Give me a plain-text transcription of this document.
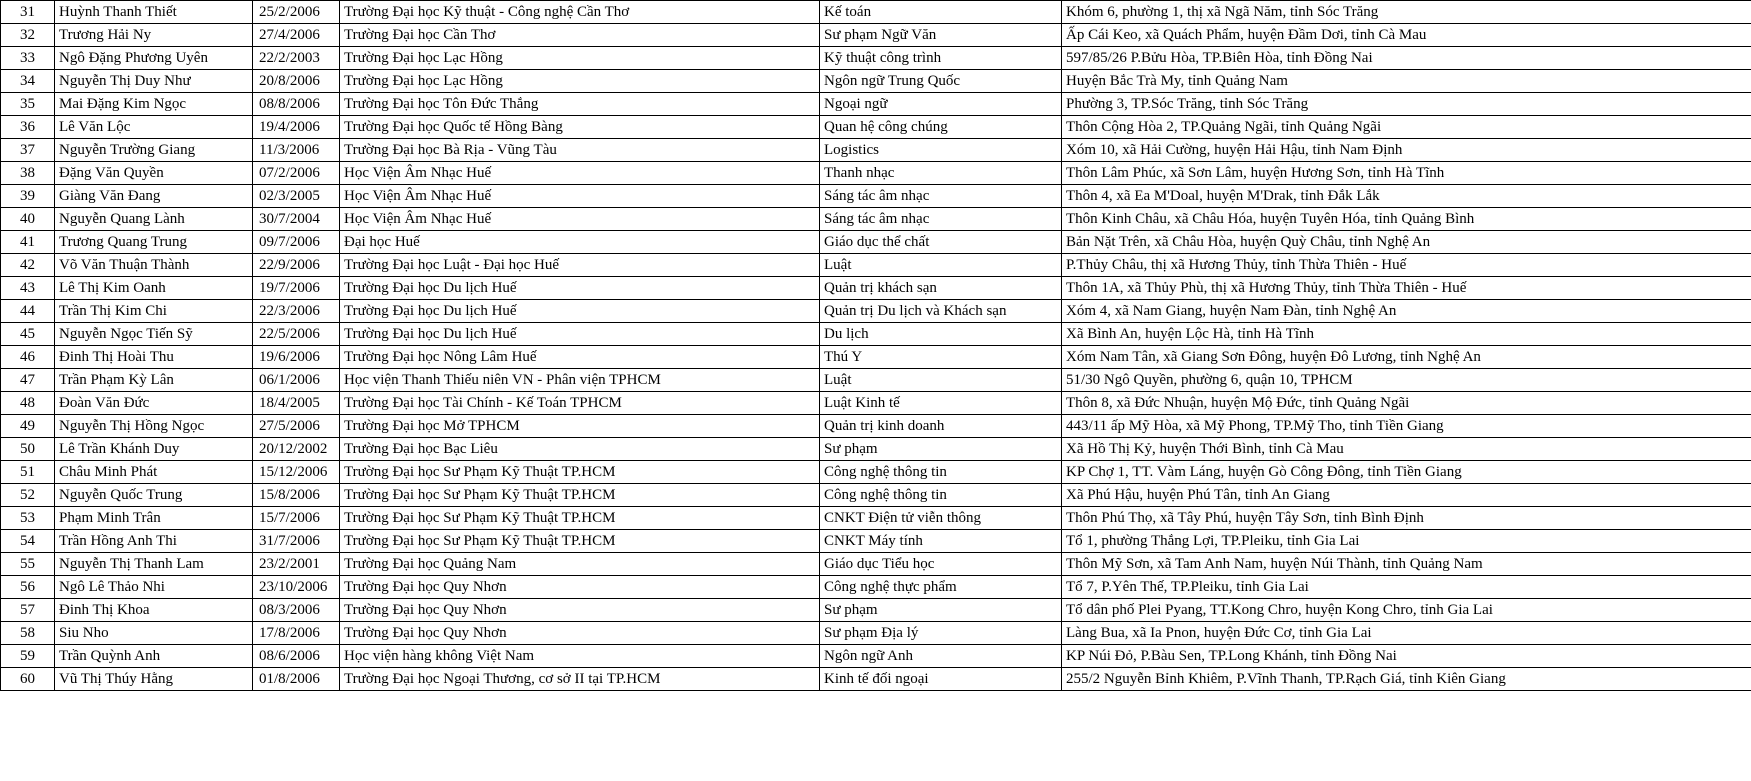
31	Huỳnh Thanh Thiết	25/2/2006	Trường Đại học Kỹ thuật - Công nghệ Cần Thơ	Kế toán	Khóm 6, phường 1, thị xã Ngã Năm, tỉnh Sóc Trăng
32	Trương Hải Ny	27/4/2006	Trường Đại học Cần Thơ	Sư phạm Ngữ Văn	Ấp Cái Keo, xã Quách Phẩm, huyện Đầm Dơi, tỉnh Cà Mau
33	Ngô Đặng Phương Uyên	22/2/2003	Trường Đại học Lạc Hồng	Kỹ thuật công trình	597/85/26 P.Bửu Hòa, TP.Biên Hòa, tỉnh Đồng Nai
34	Nguyễn Thị Duy Như	20/8/2006	Trường Đại học Lạc Hồng	Ngôn ngữ Trung Quốc	Huyện Bắc Trà My, tỉnh Quảng Nam
35	Mai Đặng Kim Ngọc	08/8/2006	Trường Đại học Tôn Đức Thắng	Ngoại ngữ	Phường 3, TP.Sóc Trăng, tỉnh Sóc Trăng
36	Lê Văn Lộc	19/4/2006	Trường Đại học Quốc tế Hồng Bàng	Quan hệ công chúng	Thôn Cộng Hòa 2, TP.Quảng Ngãi, tỉnh Quảng Ngãi
37	Nguyễn Trường Giang	11/3/2006	Trường Đại học Bà Rịa - Vũng Tàu	Logistics	Xóm 10, xã Hải Cường, huyện Hải Hậu, tỉnh Nam Định
38	Đặng Văn Quyền	07/2/2006	Học Viện Âm Nhạc Huế	Thanh nhạc	Thôn Lâm Phúc, xã Sơn Lâm, huyện Hương Sơn, tỉnh Hà Tĩnh
39	Giàng Văn Đang	02/3/2005	Học Viện Âm Nhạc Huế	Sáng tác âm nhạc	Thôn 4, xã Ea M'Doal, huyện M'Drak, tỉnh Đắk Lắk
40	Nguyễn Quang Lành	30/7/2004	Học Viện Âm Nhạc Huế	Sáng tác âm nhạc	Thôn Kinh Châu, xã Châu Hóa, huyện Tuyên Hóa, tỉnh Quảng Bình
41	Trương Quang Trung	09/7/2006	Đại học Huế	Giáo dục thể chất	Bản Nặt Trên, xã Châu Hòa, huyện Quỳ Châu, tỉnh Nghệ An
42	Võ Văn Thuận Thành	22/9/2006	Trường Đại học Luật - Đại học Huế	Luật	P.Thủy Châu, thị xã Hương Thủy, tỉnh Thừa Thiên - Huế
43	Lê Thị Kim Oanh	19/7/2006	Trường Đại học Du lịch Huế	Quản trị khách sạn	Thôn 1A, xã Thủy Phù, thị xã Hương Thủy, tỉnh Thừa Thiên - Huế
44	Trần Thị Kim Chi	22/3/2006	Trường Đại học Du lịch Huế	Quản trị Du lịch và Khách sạn	Xóm 4, xã Nam Giang, huyện Nam Đàn, tỉnh Nghệ An
45	Nguyễn Ngọc Tiến Sỹ	22/5/2006	Trường Đại học Du lịch Huế	Du lịch	Xã Bình An, huyện Lộc Hà, tỉnh Hà Tĩnh
46	Đinh Thị Hoài Thu	19/6/2006	Trường Đại học Nông Lâm Huế	Thú Y	Xóm Nam Tân, xã Giang Sơn Đông, huyện Đô Lương, tỉnh Nghệ An
47	Trần Phạm Kỳ Lân	06/1/2006	Học viện Thanh Thiếu niên VN - Phân viện TPHCM	Luật	51/30 Ngô Quyền, phường 6, quận 10, TPHCM
48	Đoàn Văn Đức	18/4/2005	Trường Đại học Tài Chính - Kế Toán TPHCM	Luật Kinh tế	Thôn 8, xã Đức Nhuận, huyện Mộ Đức, tỉnh Quảng Ngãi
49	Nguyễn Thị Hồng Ngọc	27/5/2006	Trường Đại học Mở TPHCM	Quản trị kinh doanh	443/11 ấp Mỹ Hòa, xã Mỹ Phong, TP.Mỹ Tho, tỉnh Tiền Giang
50	Lê Trần Khánh Duy	20/12/2002	Trường Đại học Bạc Liêu	Sư phạm	Xã Hồ Thị Kỷ, huyện Thới Bình, tỉnh Cà Mau
51	Châu Minh Phát	15/12/2006	Trường Đại học Sư Phạm Kỹ Thuật TP.HCM	Công nghệ thông tin	KP Chợ 1, TT. Vàm Láng, huyện Gò Công Đông, tỉnh Tiền Giang
52	Nguyễn Quốc Trung	15/8/2006	Trường Đại học Sư Phạm Kỹ Thuật TP.HCM	Công nghệ thông tin	Xã Phú Hậu, huyện Phú Tân, tỉnh An Giang
53	Phạm Minh Trân	15/7/2006	Trường Đại học Sư Phạm Kỹ Thuật TP.HCM	CNKT Điện tử viễn thông	Thôn Phú Thọ, xã Tây Phú, huyện Tây Sơn, tỉnh Bình Định
54	Trần Hồng Anh Thi	31/7/2006	Trường Đại học Sư Phạm Kỹ Thuật TP.HCM	CNKT Máy tính	Tổ 1, phường Thắng Lợi, TP.Pleiku, tỉnh Gia Lai
55	Nguyễn Thị Thanh Lam	23/2/2001	Trường Đại học Quảng Nam	Giáo dục Tiểu học	Thôn Mỹ Sơn, xã Tam Anh Nam, huyện Núi Thành, tỉnh Quảng Nam
56	Ngô Lê Thảo Nhi	23/10/2006	Trường Đại học Quy Nhơn	Công nghệ thực phẩm	Tổ 7, P.Yên Thế, TP.Pleiku, tỉnh Gia Lai
57	Đinh Thị Khoa	08/3/2006	Trường Đại học Quy Nhơn	Sư phạm	Tổ dân phố Plei Pyang, TT.Kong Chro, huyện Kong Chro, tỉnh Gia Lai
58	Siu Nho	17/8/2006	Trường Đại học Quy Nhơn	Sư phạm Địa lý	Làng Bua, xã Ia Pnon, huyện Đức Cơ, tỉnh Gia Lai
59	Trần Quỳnh Anh	08/6/2006	Học viện hàng không Việt Nam	Ngôn ngữ Anh	KP Núi Đỏ, P.Bàu Sen, TP.Long Khánh, tỉnh Đồng Nai
60	Vũ Thị Thúy Hằng	01/8/2006	Trường Đại học Ngoại Thương, cơ sở II tại TP.HCM	Kinh tế đối ngoại	255/2 Nguyễn Bỉnh Khiêm, P.Vĩnh Thanh, TP.Rạch Giá, tỉnh Kiên Giang
